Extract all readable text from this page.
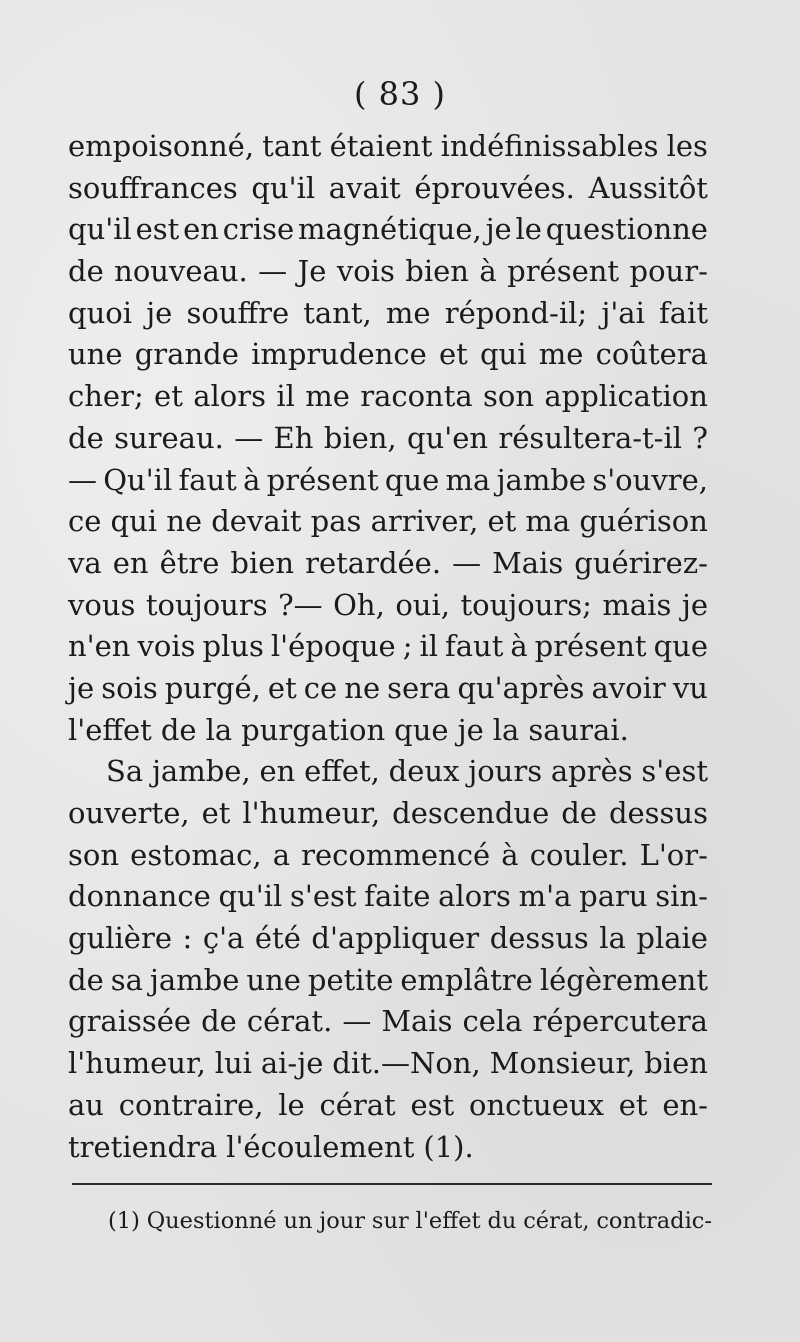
( 83 )
empoisonné, tant étaient indéfinissables les
souffrances qu'il avait éprouvées. Aussitôt
qu'il est en crise magnétique, je le questionne
de nouveau. — Je vois bien à présent pour-
quoi je souffre tant, me répond-il; j'ai fait
une grande imprudence et qui me coûtera
cher; et alors il me raconta son application
de sureau. — Eh bien, qu'en résultera-t-il ?
— Qu'il faut à présent que ma jambe s'ouvre,
ce qui ne devait pas arriver, et ma guérison
va en être bien retardée. — Mais guérirez-
vous toujours ?— Oh, oui, toujours; mais je
n'en vois plus l'époque ; il faut à présent que
je sois purgé, et ce ne sera qu'après avoir vu
l'effet de la purgation que je la saurai.
Sa jambe, en effet, deux jours après s'est
ouverte, et l'humeur, descendue de dessus
son estomac, a recommencé à couler. L'or-
donnance qu'il s'est faite alors m'a paru sin-
gulière : ç'a été d'appliquer dessus la plaie
de sa jambe une petite emplâtre légèrement
graissée de cérat. — Mais cela répercutera
l'humeur, lui ai-je dit.—Non, Monsieur, bien
au contraire, le cérat est onctueux et en-
tretiendra l'écoulement (1).
(1) Questionné un jour sur l'effet du cérat, contradic-
